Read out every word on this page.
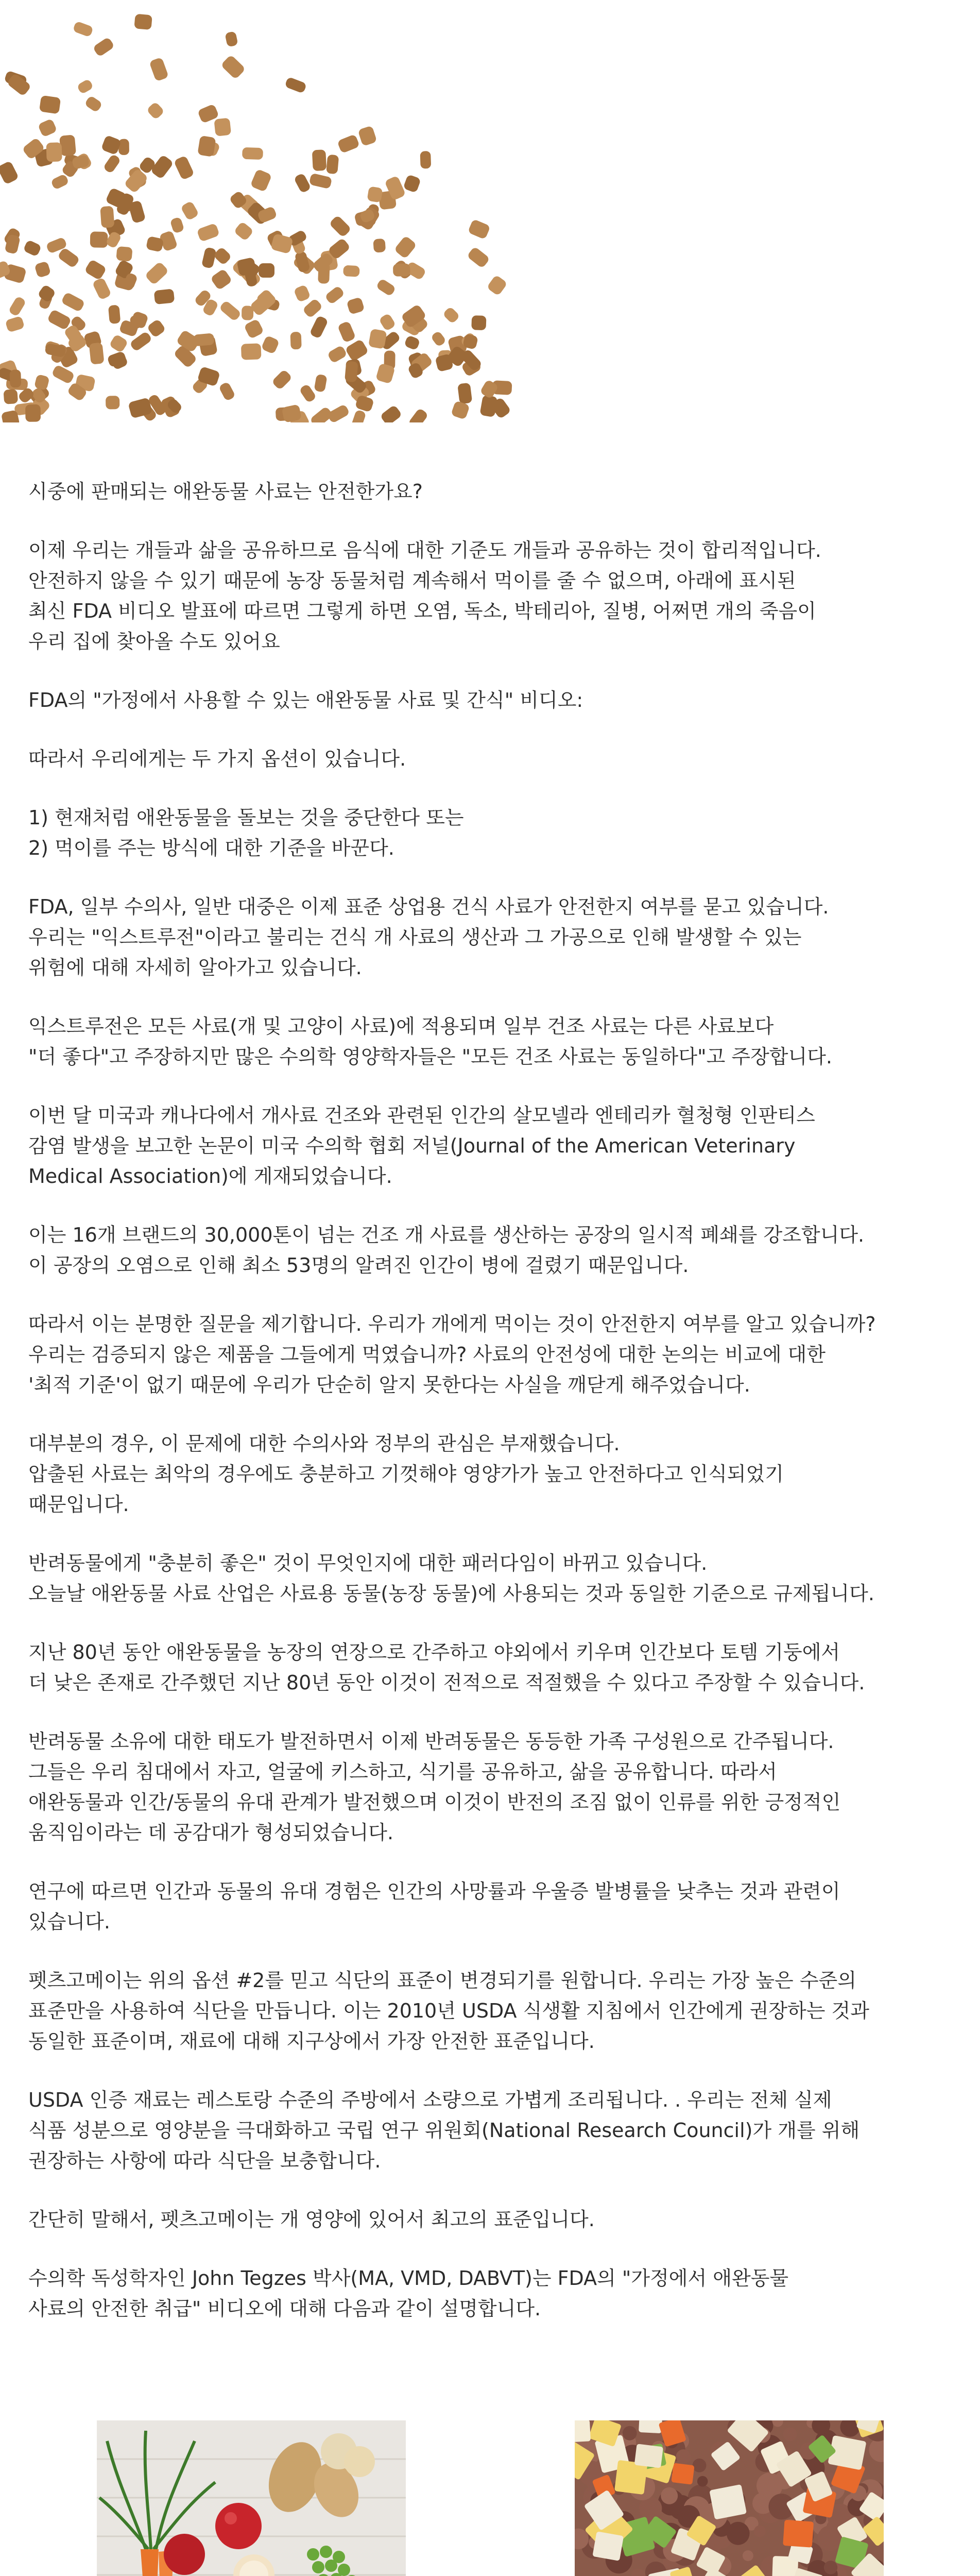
시중에 판매되는 애완동물 사료는 안전한가요?

이제 우리는 개들과 삶을 공유하므로 음식에 대한 기준도 개들과 공유하는 것이 합리적입니다.
안전하지 않을 수 있기 때문에 농장 동물처럼 계속해서 먹이를 줄 수 없으며, 아래에 표시된
최신 FDA 비디오 발표에 따르면 그렇게 하면 오염, 독소, 박테리아, 질병, 어쩌면 개의 죽음이
우리 집에 찾아올 수도 있어요

FDA의 "가정에서 사용할 수 있는 애완동물 사료 및 간식" 비디오:

따라서 우리에게는 두 가지 옵션이 있습니다.

1) 현재처럼 애완동물을 돌보는 것을 중단한다 또는
2) 먹이를 주는 방식에 대한 기준을 바꾼다.

FDA, 일부 수의사, 일반 대중은 이제 표준 상업용 건식 사료가 안전한지 여부를 묻고 있습니다.
우리는 "익스트루전"이라고 불리는 건식 개 사료의 생산과 그 가공으로 인해 발생할 수 있는
위험에 대해 자세히 알아가고 있습니다.

익스트루전은 모든 사료(개 및 고양이 사료)에 적용되며 일부 건조 사료는 다른 사료보다
"더 좋다"고 주장하지만 많은 수의학 영양학자들은 "모든 건조 사료는 동일하다"고 주장합니다.

이번 달 미국과 캐나다에서 개사료 건조와 관련된 인간의 살모넬라 엔테리카 혈청형 인판티스
감염 발생을 보고한 논문이 미국 수의학 협회 저널(Journal of the American Veterinary
Medical Association)에 게재되었습니다.

이는 16개 브랜드의 30,000톤이 넘는 건조 개 사료를 생산하는 공장의 일시적 폐쇄를 강조합니다.
이 공장의 오염으로 인해 최소 53명의 알려진 인간이 병에 걸렸기 때문입니다.

따라서 이는 분명한 질문을 제기합니다. 우리가 개에게 먹이는 것이 안전한지 여부를 알고 있습니까?
우리는 검증되지 않은 제품을 그들에게 먹였습니까? 사료의 안전성에 대한 논의는 비교에 대한
'최적 기준'이 없기 때문에 우리가 단순히 알지 못한다는 사실을 깨닫게 해주었습니다.

대부분의 경우, 이 문제에 대한 수의사와 정부의 관심은 부재했습니다.
압출된 사료는 최악의 경우에도 충분하고 기껏해야 영양가가 높고 안전하다고 인식되었기
때문입니다.

반려동물에게 "충분히 좋은" 것이 무엇인지에 대한 패러다임이 바뀌고 있습니다.
오늘날 애완동물 사료 산업은 사료용 동물(농장 동물)에 사용되는 것과 동일한 기준으로 규제됩니다.

지난 80년 동안 애완동물을 농장의 연장으로 간주하고 야외에서 키우며 인간보다 토템 기둥에서
더 낮은 존재로 간주했던 지난 80년 동안 이것이 전적으로 적절했을 수 있다고 주장할 수 있습니다.

반려동물 소유에 대한 태도가 발전하면서 이제 반려동물은 동등한 가족 구성원으로 간주됩니다.
그들은 우리 침대에서 자고, 얼굴에 키스하고, 식기를 공유하고, 삶을 공유합니다. 따라서
애완동물과 인간/동물의 유대 관계가 발전했으며 이것이 반전의 조짐 없이 인류를 위한 긍정적인
움직임이라는 데 공감대가 형성되었습니다.

연구에 따르면 인간과 동물의 유대 경험은 인간의 사망률과 우울증 발병률을 낮추는 것과 관련이
있습니다.

펫츠고메이는 위의 옵션 #2를 믿고 식단의 표준이 변경되기를 원합니다. 우리는 가장 높은 수준의
표준만을 사용하여 식단을 만듭니다. 이는 2010년 USDA 식생활 지침에서 인간에게 권장하는 것과
동일한 표준이며, 재료에 대해 지구상에서 가장 안전한 표준입니다.

USDA 인증 재료는 레스토랑 수준의 주방에서 소량으로 가볍게 조리됩니다. . 우리는 전체 실제
식품 성분으로 영양분을 극대화하고 국립 연구 위원회(National Research Council)가 개를 위해
권장하는 사항에 따라 식단을 보충합니다.

간단히 말해서, 펫츠고메이는 개 영양에 있어서 최고의 표준입니다.

수의학 독성학자인 John Tegzes 박사(MA, VMD, DABVT)는 FDA의 "가정에서 애완동물
사료의 안전한 취급" 비디오에 대해 다음과 같이 설명합니다.
